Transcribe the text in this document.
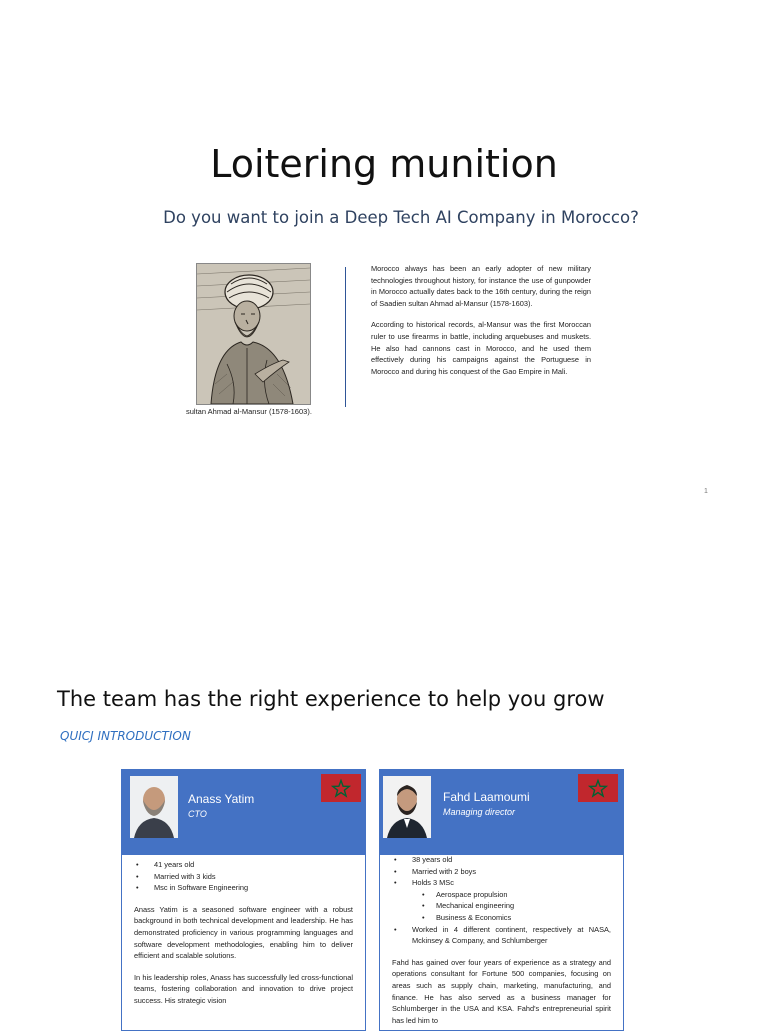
Loitering munition
Do you want to join a Deep Tech AI Company in Morocco?
sultan Ahmad al-Mansur (1578-1603).

Morocco always has been an early adopter of new military technologies throughout history, for instance the use of gunpowder in Morocco actually dates back to the 16th century, during the reign of Saadien sultan Ahmad al-Mansur (1578-1603).

According to historical records, al-Mansur was the first Moroccan ruler to use firearms in battle, including arquebuses and muskets. He also had cannons cast in Morocco, and he used them effectively during his campaigns against the Portuguese in Morocco and during his conquest of the Gao Empire in Mali.

1
The team has the right experience to help you grow
QUICJ INTRODUCTION
Anass Yatim
CTO
• 41 years old
• Married with 3 kids
• Msc in Software Engineering

Anass Yatim is a seasoned software engineer with a robust background in both technical development and leadership. He has demonstrated proficiency in various programming languages and software development methodologies, enabling him to deliver efficient and scalable solutions.

In his leadership roles, Anass has successfully led cross-functional teams, fostering collaboration and innovation to drive project success. His strategic vision

Fahd Laamoumi
Managing director
• 38 years old
• Married with 2 boys
• Holds 3 MSc
• Aerospace propulsion
• Mechanical engineering
• Business & Economics
• Worked in 4 different continent, respectively at NASA, Mckinsey & Company, and Schlumberger

Fahd has gained over four years of experience as a strategy and operations consultant for Fortune 500 companies, focusing on areas such as supply chain, marketing, manufacturing, and finance. He has also served as a business manager for Schlumberger in the USA and KSA. Fahd's entrepreneurial spirit has led him to
